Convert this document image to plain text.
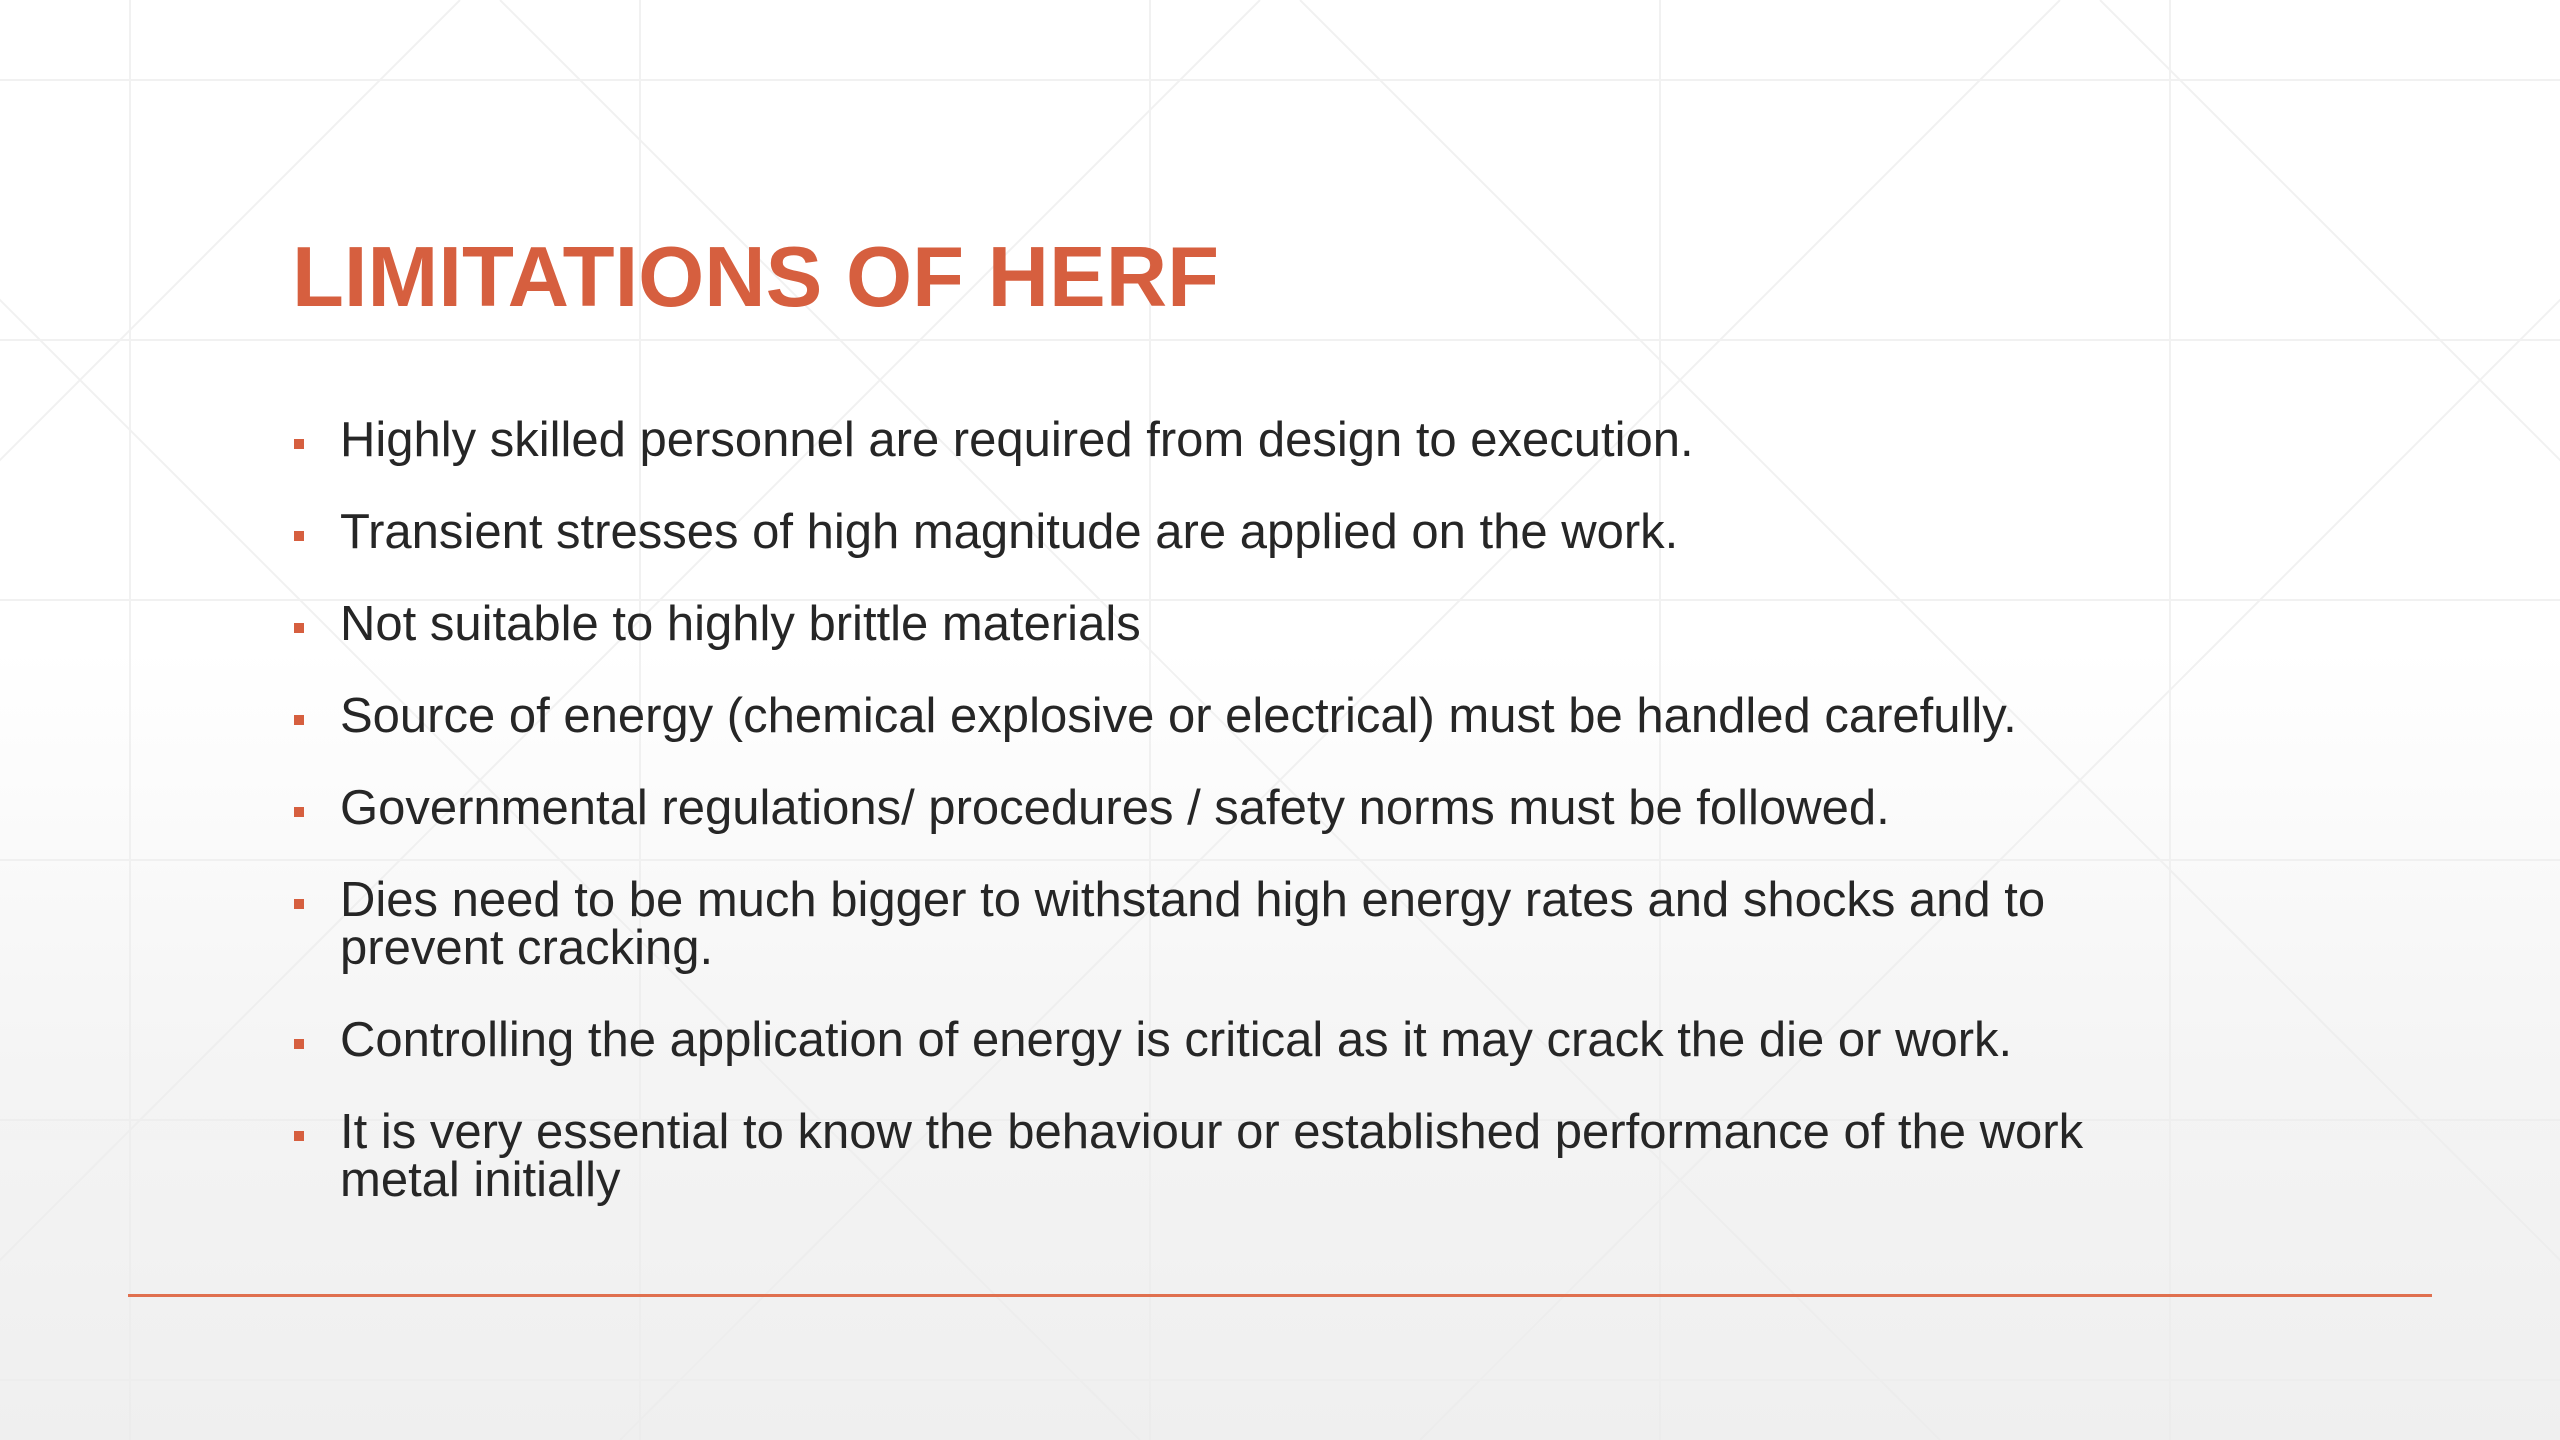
LIMITATIONS OF HERF
Highly skilled personnel are required from design to execution.
Transient stresses of high magnitude are applied on the work.
Not suitable to highly brittle materials
Source of energy (chemical explosive or electrical) must be handled carefully.
Governmental regulations/ procedures / safety norms must be followed.
Dies need to be much bigger to withstand high energy rates and shocks and to prevent cracking.
Controlling the application of energy is critical as it may crack the die or work.
It is very essential to know the behaviour or established performance of the work metal initially
